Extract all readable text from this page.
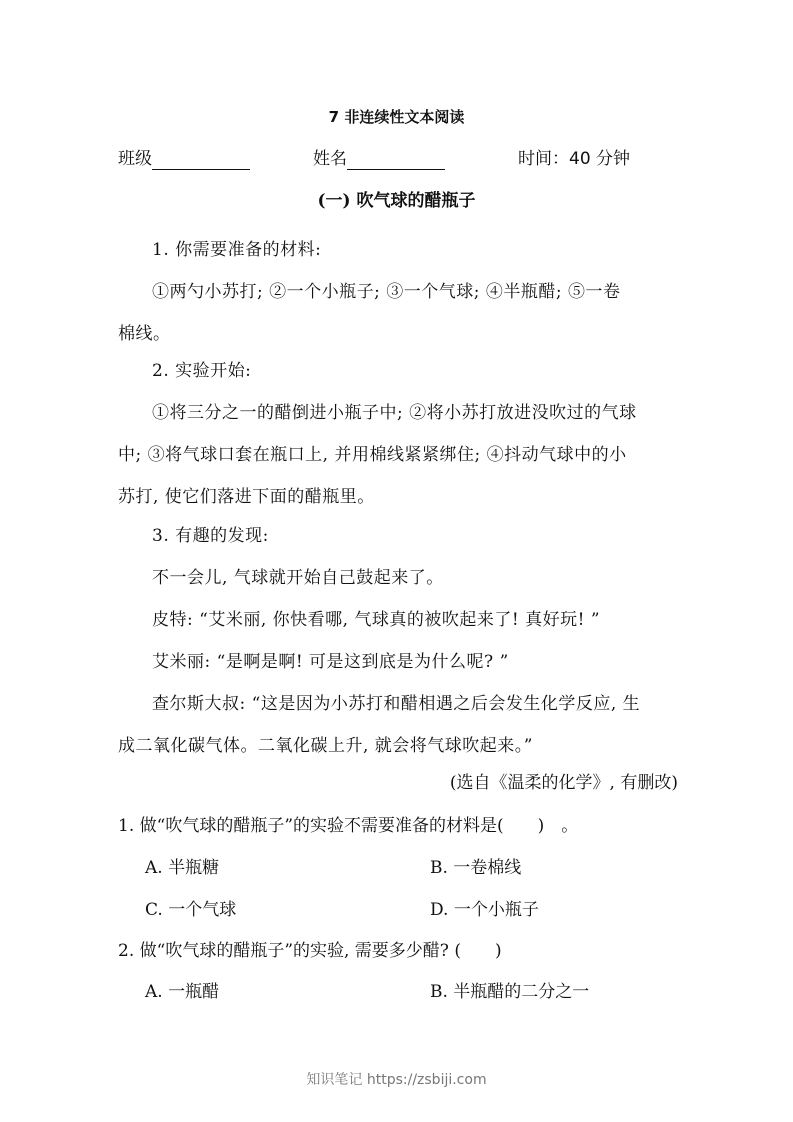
7 非连续性文本阅读
班级	姓名	时间：40 分钟
(一) 吹气球的醋瓶子
1. 你需要准备的材料:
①两勺小苏打; ②一个小瓶子; ③一个气球; ④半瓶醋; ⑤一卷
棉线。
2. 实验开始:
①将三分之一的醋倒进小瓶子中; ②将小苏打放进没吹过的气球
中; ③将气球口套在瓶口上, 并用棉线紧紧绑住; ④抖动气球中的小
苏打, 使它们落进下面的醋瓶里。
3. 有趣的发现:
不一会儿, 气球就开始自己鼓起来了。
皮特: “艾米丽, 你快看哪, 气球真的被吹起来了! 真好玩! ”
艾米丽: “是啊是啊! 可是这到底是为什么呢? ”
查尔斯大叔: “这是因为小苏打和醋相遇之后会发生化学反应, 生
成二氧化碳气体。二氧化碳上升, 就会将气球吹起来。”
(选自《温柔的化学》, 有删改)
1. 做“吹气球的醋瓶子”的实验不需要准备的材料是(　　)　。
A. 半瓶糖	B. 一卷棉线
C. 一个气球	D. 一个小瓶子
2. 做“吹气球的醋瓶子”的实验, 需要多少醋? (　　)
A. 一瓶醋	B. 半瓶醋的二分之一
知识笔记 https://zsbiji.com
